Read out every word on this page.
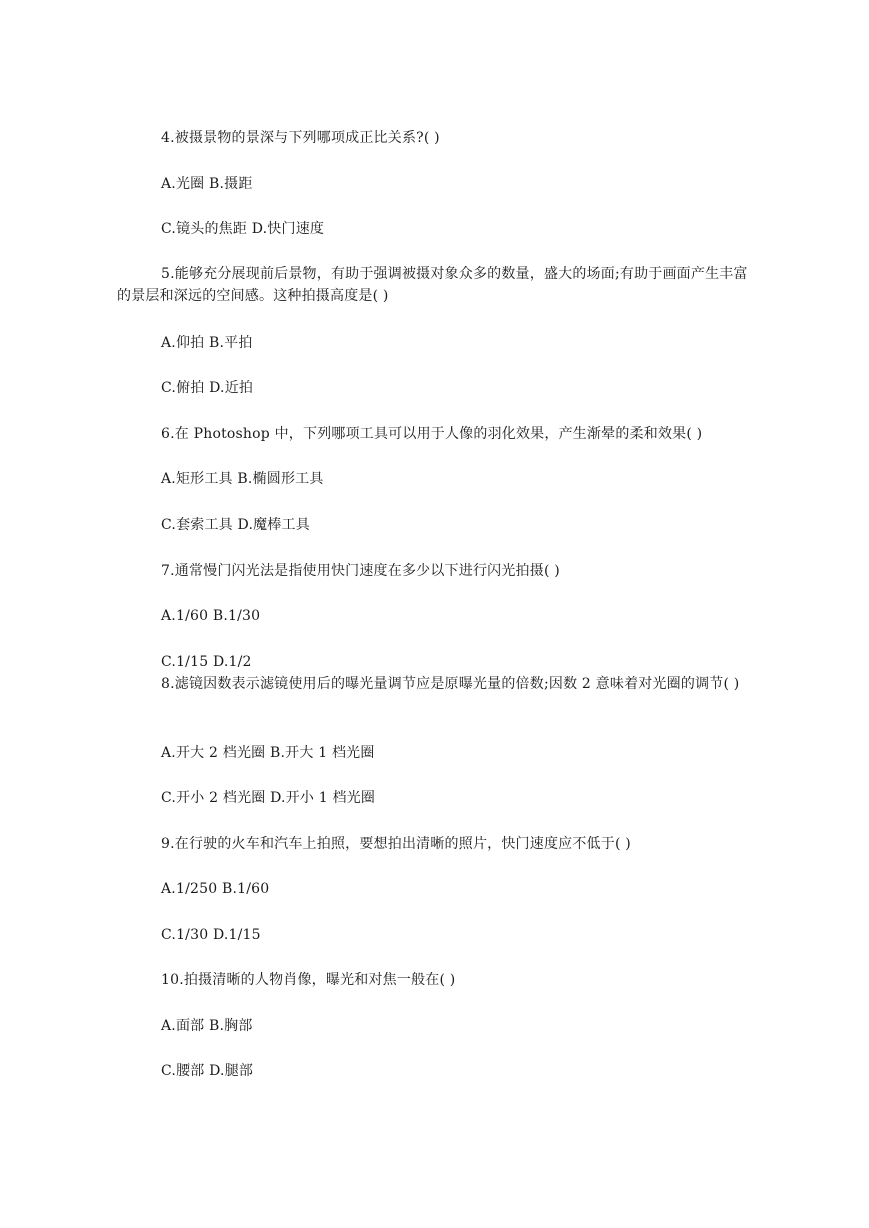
4.被摄景物的景深与下列哪项成正比关系?( )
A.光圈 B.摄距
C.镜头的焦距 D.快门速度
5.能够充分展现前后景物，有助于强调被摄对象众多的数量，盛大的场面;有助于画面产生丰富的景层和深远的空间感。这种拍摄高度是( )
A.仰拍 B.平拍
C.俯拍 D.近拍
6.在 Photoshop 中，下列哪项工具可以用于人像的羽化效果，产生渐晕的柔和效果( )
A.矩形工具 B.椭圆形工具
C.套索工具 D.魔棒工具
7.通常慢门闪光法是指使用快门速度在多少以下进行闪光拍摄( )
A.1/60 B.1/30
C.1/15 D.1/2
8.滤镜因数表示滤镜使用后的曝光量调节应是原曝光量的倍数;因数 2 意味着对光圈的调节( )
A.开大 2 档光圈 B.开大 1 档光圈
C.开小 2 档光圈 D.开小 1 档光圈
9.在行驶的火车和汽车上拍照，要想拍出清晰的照片，快门速度应不低于( )
A.1/250 B.1/60
C.1/30 D.1/15
10.拍摄清晰的人物肖像，曝光和对焦一般在( )
A.面部 B.胸部
C.腰部 D.腿部
